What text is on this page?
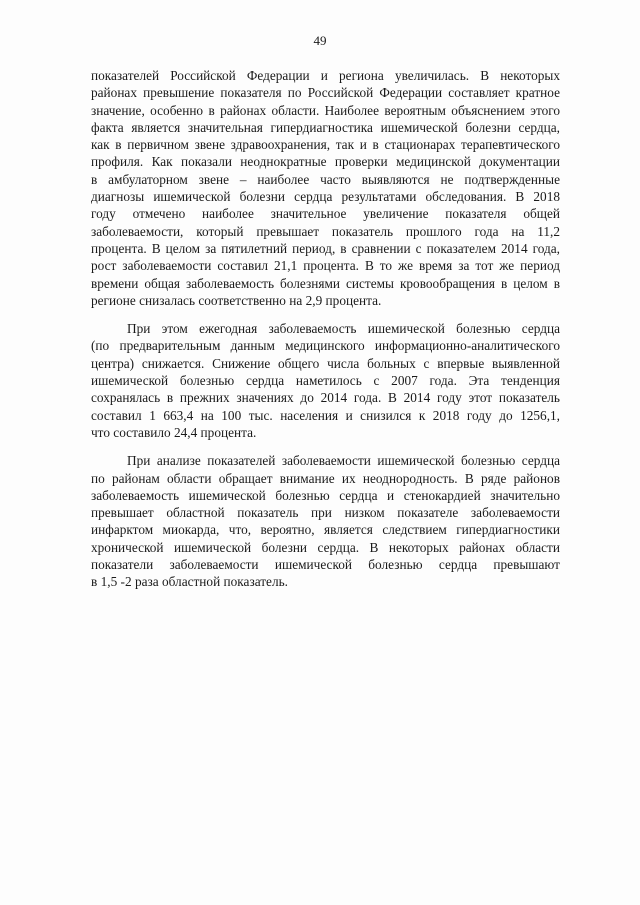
49

показателей Российской Федерации и региона увеличилась. В некоторых
районах превышение показателя по Российской Федерации составляет кратное
значение, особенно в районах области. Наиболее вероятным объяснением этого
факта является значительная гипердиагностика ишемической болезни сердца,
как в первичном звене здравоохранения, так и в стационарах терапевтического
профиля. Как показали неоднократные проверки медицинской документации
в амбулаторном звене – наиболее часто выявляются не подтвержденные
диагнозы ишемической болезни сердца результатами обследования. В 2018
году отмечено наиболее значительное увеличение показателя общей
заболеваемости, который превышает показатель прошлого года на 11,2
процента. В целом за пятилетний период, в сравнении с показателем 2014 года,
рост заболеваемости составил 21,1 процента. В то же время за тот же период
времени общая заболеваемость болезнями системы кровообращения в целом в
регионе снизалась соответственно на 2,9 процента.

При этом ежегодная заболеваемость ишемической болезнью сердца
(по предварительным данным медицинского информационно-аналитического
центра) снижается. Снижение общего числа больных с впервые выявленной
ишемической болезнью сердца наметилось с 2007 года. Эта тенденция
сохранялась в прежних значениях до 2014 года. В 2014 году этот показатель
составил 1 663,4 на 100 тыс. населения и снизился к 2018 году до 1256,1,
что составило 24,4 процента.

При анализе показателей заболеваемости ишемической болезнью сердца
по районам области обращает внимание их неоднородность. В ряде районов
заболеваемость ишемической болезнью сердца и стенокардией значительно
превышает областной показатель при низком показателе заболеваемости
инфарктом миокарда, что, вероятно, является следствием гипердиагностики
хронической ишемической болезни сердца. В некоторых районах области
показатели заболеваемости ишемической болезнью сердца превышают
в 1,5 -2 раза областной показатель.
